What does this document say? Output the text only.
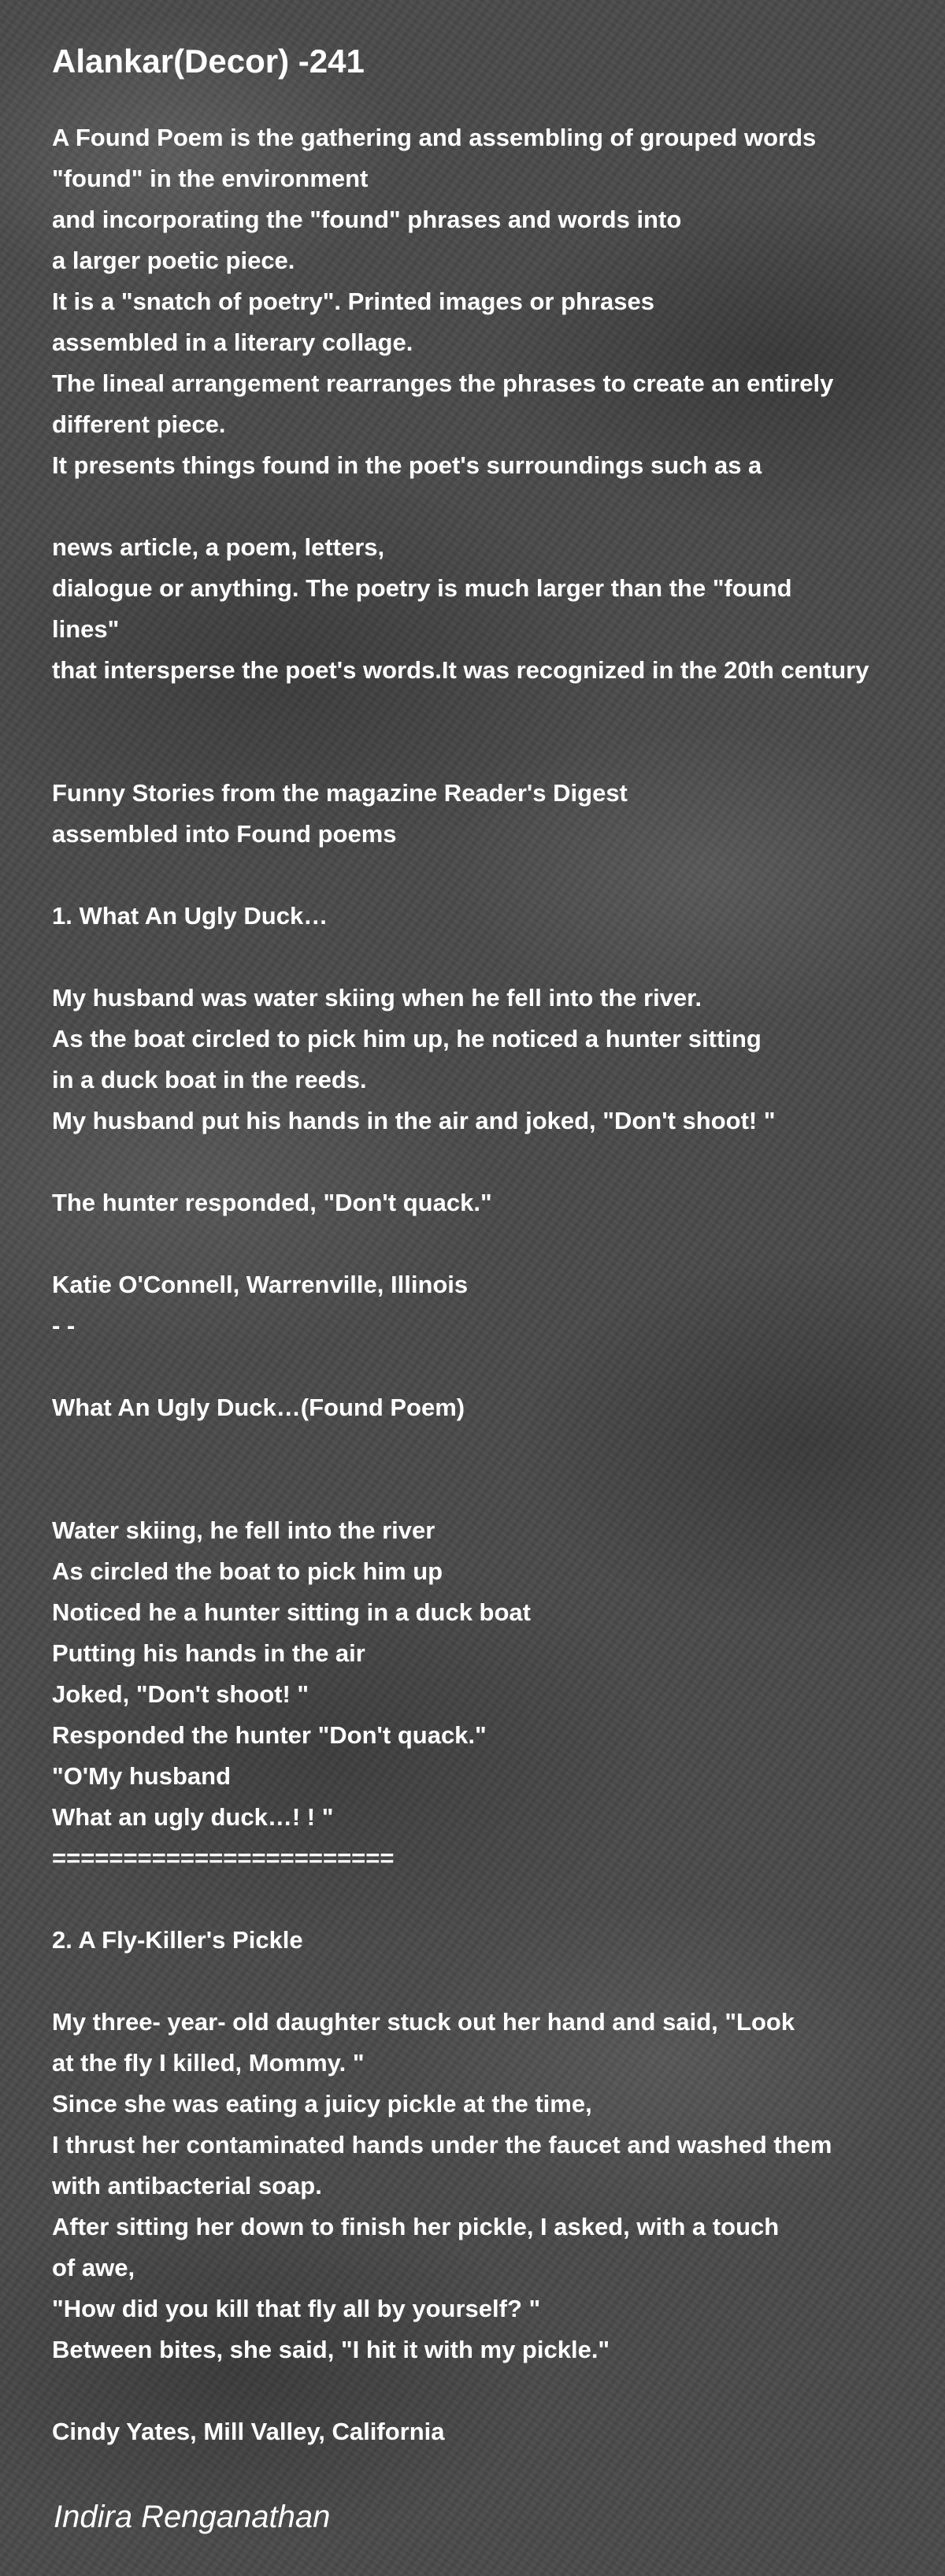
Alankar(Decor) -241
A Found Poem is the gathering and assembling of grouped words
"found" in the environment
and incorporating the "found" phrases and words into
a larger poetic piece.
It is a "snatch of poetry". Printed images or phrases
assembled in a literary collage.
The lineal arrangement rearranges the phrases to create an entirely
different piece.
It presents things found in the poet's surroundings such as a
news article, a poem, letters,
dialogue or anything. The poetry is much larger than the "found
lines"
that intersperse the poet's words.It was recognized in the 20th century
Funny Stories from the magazine Reader's Digest
assembled into Found poems
1. What An Ugly Duck…
My husband was water skiing when he fell into the river.
As the boat circled to pick him up, he noticed a hunter sitting
in a duck boat in the reeds.
My husband put his hands in the air and joked, "Don't shoot! "
The hunter responded, "Don't quack."
Katie O'Connell, Warrenville, Illinois
- -
What An Ugly Duck…(Found Poem)
Water skiing, he fell into the river
As circled the boat to pick him up
Noticed he a hunter sitting in a duck boat
Putting his hands in the air
Joked, "Don't shoot! "
Responded the hunter "Don't quack."
"O'My husband
What an ugly duck…! ! "
========================
2. A Fly-Killer's Pickle
My three- year- old daughter stuck out her hand and said, "Look
at the fly I killed, Mommy. "
Since she was eating a juicy pickle at the time,
I thrust her contaminated hands under the faucet and washed them
with antibacterial soap.
After sitting her down to finish her pickle, I asked, with a touch
of awe,
"How did you kill that fly all by yourself? "
Between bites, she said, "I hit it with my pickle."
Cindy Yates, Mill Valley, California
Indira Renganathan
